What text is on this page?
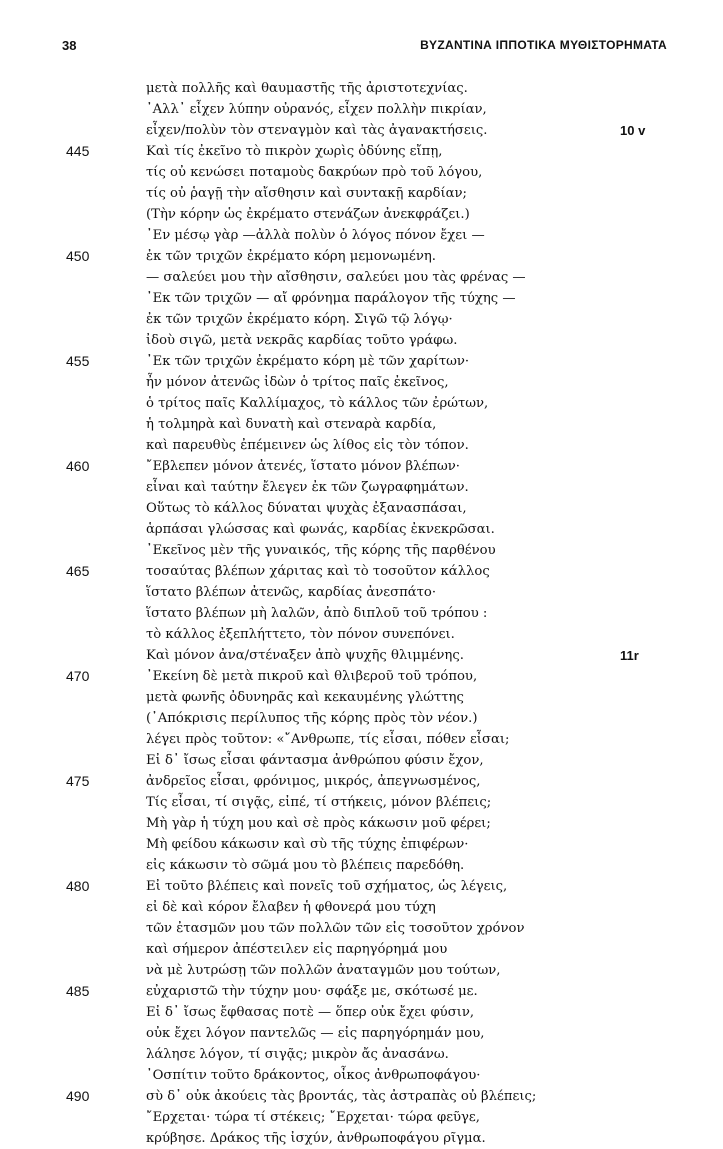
38	ΒΥΖΑΝΤΙΝΑ ΙΠΠΟΤΙΚΑ ΜΥΘΙΣΤΟΡΗΜΑΤΑ
μετὰ πολλῆς καὶ θαυμαστῆς τῆς ἀριστοτεχνίας.
᾿Αλλ᾿ εἶχεν λύπην οὐρανός, εἶχεν πολλὴν πικρίαν,
εἶχεν/πολὺν τὸν στεναγμὸν καὶ τὰς ἀγανακτήσεις.	10 v
445	Καὶ τίς ἐκεῖνο τὸ πικρὸν χωρὶς ὀδύνης εἴπῃ,
τίς οὐ κενώσει ποταμοὺς δακρύων πρὸ τοῦ λόγου,
τίς οὐ ῥαγῇ τὴν αἴσθησιν καὶ συντακῇ καρδίαν;
(Τὴν κόρην ὡς ἐκρέματο στενάζων ἀνεκφράζει.)
᾿Εν μέσῳ γὰρ —ἀλλὰ πολὺν ὁ λόγος πόνον ἔχει —
450	ἐκ τῶν τριχῶν ἐκρέματο κόρη μεμονωμένη.
— σαλεύει μου τὴν αἴσθησιν, σαλεύει μου τὰς φρένας —
᾿Εκ τῶν τριχῶν — αἴ φρόνημα παράλογον τῆς τύχης —
ἐκ τῶν τριχῶν ἐκρέματο κόρη. Σιγῶ τῷ λόγῳ·
ἰδοὺ σιγῶ, μετὰ νεκρᾶς καρδίας τοῦτο γράφω.
455	᾿Εκ τῶν τριχῶν ἐκρέματο κόρη μὲ τῶν χαρίτων·
ἦν μόνον ἀτενῶς ἰδὼν ὁ τρίτος παῖς ἐκεῖνος,
ὁ τρίτος παῖς Καλλίμαχος, τὸ κάλλος τῶν ἐρώτων,
ἡ τολμηρὰ καὶ δυνατὴ καὶ στεναρὰ καρδία,
καὶ παρευθὺς ἐπέμεινεν ὡς λίθος εἰς τὸν τόπον.
460	῎Εβλεπεν μόνον ἀτενές, ἵστατο μόνον βλέπων·
εἶναι καὶ ταύτην ἔλεγεν ἐκ τῶν ζωγραφημάτων.
Οὕτως τὸ κάλλος δύναται ψυχὰς ἐξανασπάσαι,
ἁρπάσαι γλώσσας καὶ φωνάς, καρδίας ἐκνεκρῶσαι.
᾿Εκεῖνος μὲν τῆς γυναικός, τῆς κόρης τῆς παρθένου
465	τοσαύτας βλέπων χάριτας καὶ τὸ τοσοῦτον κάλλος
ἵστατο βλέπων ἀτενῶς, καρδίας ἀνεσπάτο·
ἵστατο βλέπων μὴ λαλῶν, ἀπὸ διπλοῦ τοῦ τρόπου :
τὸ κάλλος ἐξεπλήττετο, τὸν πόνον συνεπόνει.
Καὶ μόνον ἀνα/στέναξεν ἀπὸ ψυχῆς θλιμμένης.	11r
470	᾿Εκείνη δὲ μετὰ πικροῦ καὶ θλιβεροῦ τοῦ τρόπου,
μετὰ φωνῆς ὀδυνηρᾶς καὶ κεκαυμένης γλώττης
(᾿Απόκρισις περίλυπος τῆς κόρης πρὸς τὸν νέον.)
λέγει πρὸς τοῦτον: «῎Ανθρωπε, τίς εἶσαι, πόθεν εἶσαι;
Εἰ δ᾿ ἴσως εἶσαι φάντασμα ἀνθρώπου φύσιν ἔχον,
475	ἀνδρεῖος εἶσαι, φρόνιμος, μικρός, ἀπεγνωσμένος,
Τίς εἶσαι, τί σιγᾷς, εἰπέ, τί στήκεις, μόνον βλέπεις;
Μὴ γὰρ ἡ τύχη μου καὶ σὲ πρὸς κάκωσιν μοῦ φέρει;
Μὴ φείδου κάκωσιν καὶ σὺ τῆς τύχης ἐπιφέρων·
εἰς κάκωσιν τὸ σῶμά μου τὸ βλέπεις παρεδόθη.
480	Εἰ τοῦτο βλέπεις καὶ πονεῖς τοῦ σχήματος, ὡς λέγεις,
εἰ δὲ καὶ κόρον ἔλαβεν ἡ φθονερά μου τύχη
τῶν ἐτασμῶν μου τῶν πολλῶν τῶν εἰς τοσοῦτον χρόνον
καὶ σήμερον ἀπέστειλεν εἰς παρηγόρημά μου
νὰ μὲ λυτρώσῃ τῶν πολλῶν ἀναταγμῶν μου τούτων,
485	εὐχαριστῶ τὴν τύχην μου· σφάξε με, σκότωσέ με.
Εἰ δ᾿ ἴσως ἔφθασας ποτὲ — ὅπερ οὐκ ἔχει φύσιν,
οὐκ ἔχει λόγον παντελῶς — εἰς παρηγόρημάν μου,
λάλησε λόγον, τί σιγᾷς; μικρὸν ἄς ἀνασάνω.
᾿Οσπίτιν τοῦτο δράκοντος, οἶκος ἀνθρωποφάγου·
490	σὺ δ᾿ οὐκ ἀκούεις τὰς βροντάς, τὰς ἀστραπὰς οὐ βλέπεις;
῎Ερχεται· τώρα τί στέκεις; ῎Ερχεται· τώρα φεῦγε,
κρύβησε. Δράκος τῆς ἰσχύν, ἀνθρωποφάγου ρῖγμα.
